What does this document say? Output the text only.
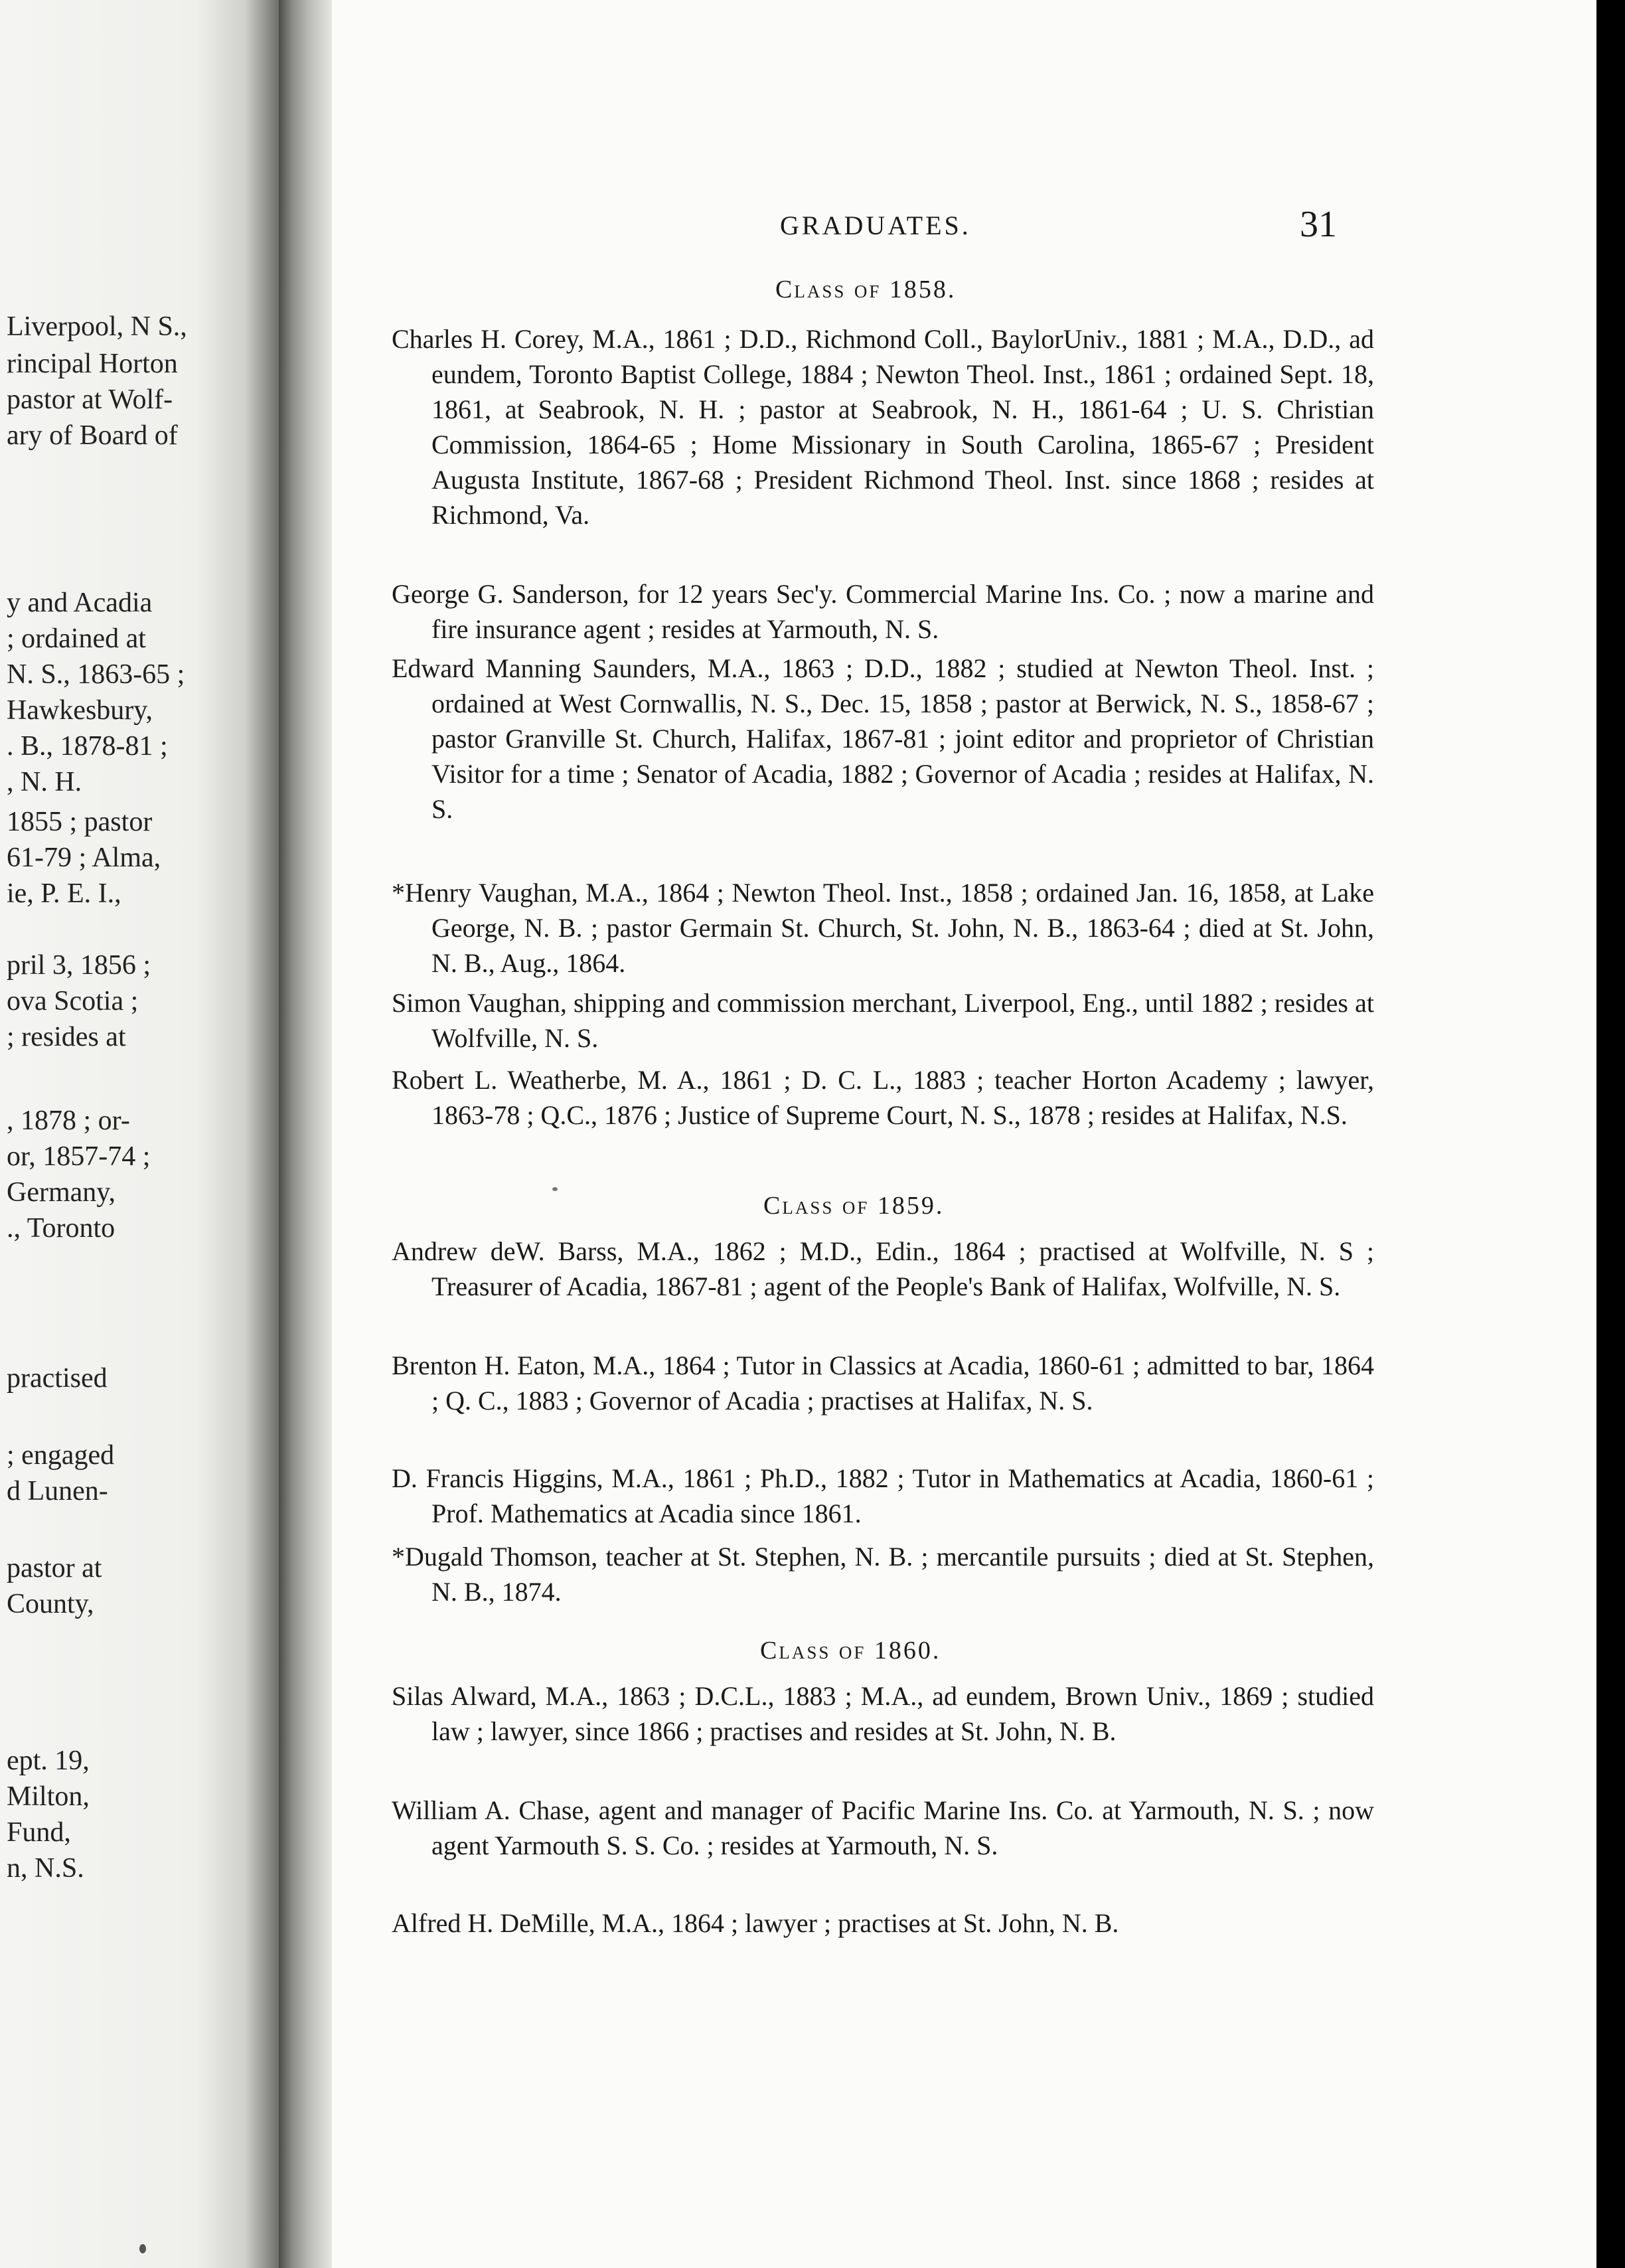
Liverpool, N S.,
rincipal Horton
pastor at Wolf-
ary of Board of
y and Acadia
; ordained at
N. S., 1863-65 ;
Hawkesbury,
. B., 1878-81 ;
, N. H.
1855 ; pastor
61-79 ; Alma,
ie, P. E. I.,
pril 3, 1856 ;
ova Scotia ;
; resides at
, 1878 ; or-
or, 1857-74 ;
Germany,
., Toronto
practised
; engaged
d Lunen-
pastor at
County,
ept. 19,
Milton,
Fund,
n, N.S.
GRADUATES.	31
Class of 1858.
Charles H. Corey, M.A., 1861 ; D.D., Richmond Coll., BaylorUniv., 1881 ; M.A., D.D., ad eundem, Toronto Baptist College, 1884 ; Newton Theol. Inst., 1861 ; ordained Sept. 18, 1861, at Seabrook, N. H. ; pastor at Seabrook, N. H., 1861-64 ; U. S. Christian Commission, 1864-65 ; Home Missionary in South Carolina, 1865-67 ; President Augusta Institute, 1867-68 ; President Richmond Theol. Inst. since 1868 ; resides at Richmond, Va.
George G. Sanderson, for 12 years Sec'y. Commercial Marine Ins. Co. ; now a marine and fire insurance agent ; resides at Yarmouth, N. S.
Edward Manning Saunders, M.A., 1863 ; D.D., 1882 ; studied at Newton Theol. Inst. ; ordained at West Cornwallis, N. S., Dec. 15, 1858 ; pastor at Berwick, N. S., 1858-67 ; pastor Granville St. Church, Halifax, 1867-81 ; joint editor and proprietor of Christian Visitor for a time ; Senator of Acadia, 1882 ; Governor of Acadia ; resides at Halifax, N. S.
*Henry Vaughan, M.A., 1864 ; Newton Theol. Inst., 1858 ; ordained Jan. 16, 1858, at Lake George, N. B. ; pastor Germain St. Church, St. John, N. B., 1863-64 ; died at St. John, N. B., Aug., 1864.
Simon Vaughan, shipping and commission merchant, Liverpool, Eng., until 1882 ; resides at Wolfville, N. S.
Robert L. Weatherbe, M. A., 1861 ; D. C. L., 1883 ; teacher Horton Academy ; lawyer, 1863-78 ; Q.C., 1876 ; Justice of Supreme Court, N. S., 1878 ; resides at Halifax, N.S.
Class of 1859.
Andrew deW. Barss, M.A., 1862 ; M.D., Edin., 1864 ; practised at Wolfville, N. S ; Treasurer of Acadia, 1867-81 ; agent of the People's Bank of Halifax, Wolfville, N. S.
Brenton H. Eaton, M.A., 1864 ; Tutor in Classics at Acadia, 1860-61 ; admitted to bar, 1864 ; Q. C., 1883 ; Governor of Acadia ; practises at Halifax, N. S.
D. Francis Higgins, M.A., 1861 ; Ph.D., 1882 ; Tutor in Mathematics at Acadia, 1860-61 ; Prof. Mathematics at Acadia since 1861.
*Dugald Thomson, teacher at St. Stephen, N. B. ; mercantile pursuits ; died at St. Stephen, N. B., 1874.
Class of 1860.
Silas Alward, M.A., 1863 ; D.C.L., 1883 ; M.A., ad eundem, Brown Univ., 1869 ; studied law ; lawyer, since 1866 ; practises and resides at St. John, N. B.
William A. Chase, agent and manager of Pacific Marine Ins. Co. at Yarmouth, N. S. ; now agent Yarmouth S. S. Co. ; resides at Yarmouth, N. S.
Alfred H. DeMille, M.A., 1864 ; lawyer ; practises at St. John, N. B.
